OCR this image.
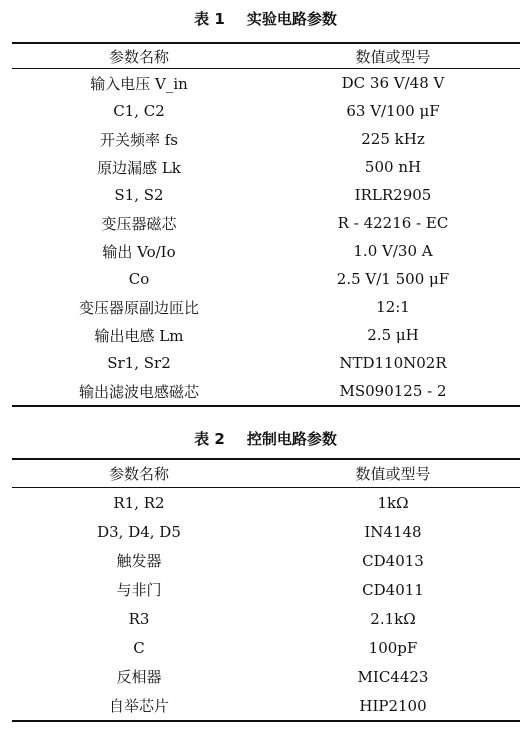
表 1 实验电路参数
参数名称	数值或型号
输入电压 V_in	DC 36 V/48 V
C1, C2	63 V/100 μF
开关频率 fs	225 kHz
原边漏感 Lk	500 nH
S1, S2	IRLR2905
变压器磁芯	R - 42216 - EC
输出 Vo/Io	1.0 V/30 A
Co	2.5 V/1 500 μF
变压器原副边匝比	12:1
输出电感 Lm	2.5 μH
Sr1, Sr2	NTD110N02R
输出滤波电感磁芯	MS090125 - 2
表 2 控制电路参数
参数名称	数值或型号
R1, R2	1kΩ
D3, D4, D5	IN4148
触发器	CD4013
与非门	CD4011
R3	2.1kΩ
C	100pF
反相器	MIC4423
自举芯片	HIP2100
